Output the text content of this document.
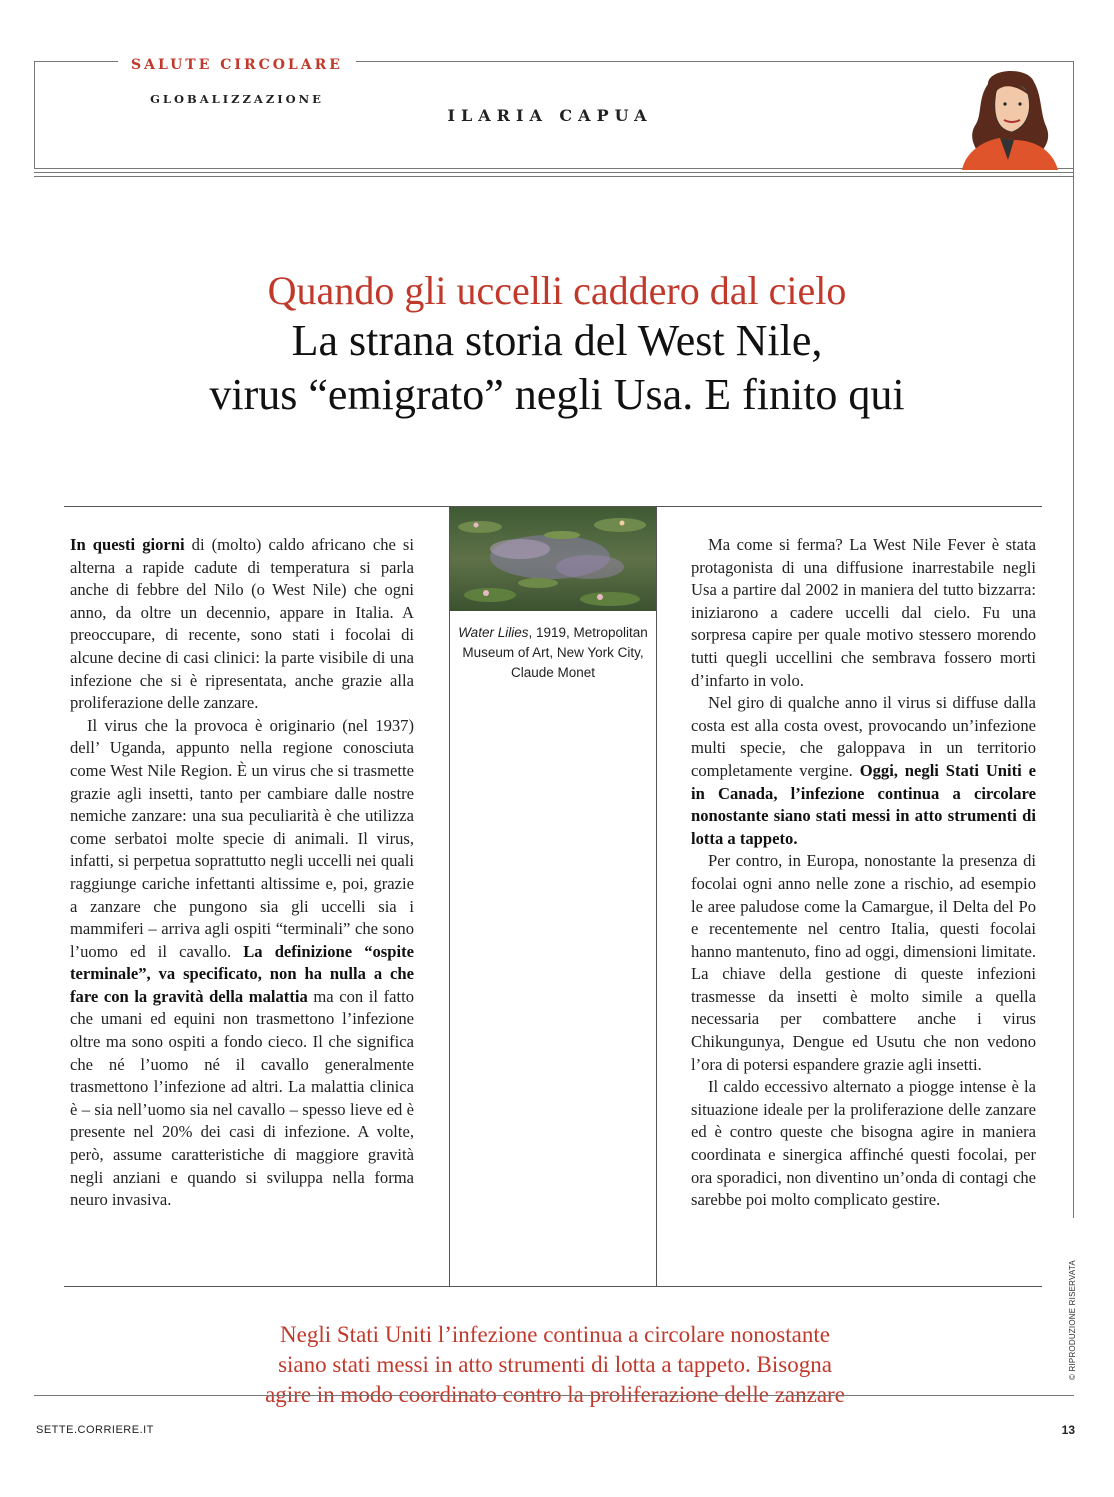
SALUTE CIRCOLARE
GLOBALIZZAZIONE
ILARIA CAPUA
Quando gli uccelli caddero dal cielo
La strana storia del West Nile,
virus “emigrato” negli Usa. E finito qui

In questi giorni di (molto) caldo africano che si alterna a rapide cadute di temperatura si parla anche di febbre del Nilo (o West Nile) che ogni anno, da oltre un decennio, appare in Italia. A preoccupare, di recente, sono stati i focolai di alcune decine di casi clinici: la parte visibile di una infezione che si è ripresentata, anche grazie alla proliferazione delle zanzare.

Il virus che la provoca è originario (nel 1937) dell’ Uganda, appunto nella regione conosciuta come West Nile Region. È un virus che si trasmette grazie agli insetti, tanto per cambiare dalle nostre nemiche zanzare: una sua peculiarità è che utilizza come serbatoi molte specie di animali. Il virus, infatti, si perpetua soprattutto negli uccelli nei quali raggiunge cariche infettanti altissime e, poi, grazie a zanzare che pungono sia gli uccelli sia i mammiferi – arriva agli ospiti “terminali” che sono l’uomo ed il cavallo. La definizione “ospite terminale”, va specificato, non ha nulla a che fare con la gravità della malattia ma con il fatto che umani ed equini non trasmettono l’infezione oltre ma sono ospiti a fondo cieco. Il che significa che né l’uomo né il cavallo generalmente trasmettono l’infezione ad altri. La malattia clinica è – sia nell’uomo sia nel cavallo – spesso lieve ed è presente nel 20% dei casi di infezione. A volte, però, assume caratteristiche di maggiore gravità negli anziani e quando si sviluppa nella forma neuro invasiva.

Water Lilies, 1919, Metropolitan Museum of Art, New York City, Claude Monet

Ma come si ferma? La West Nile Fever è stata protagonista di una diffusione inarrestabile negli Usa a partire dal 2002 in maniera del tutto bizzarra: iniziarono a cadere uccelli dal cielo. Fu una sorpresa capire per quale motivo stessero morendo tutti quegli uccellini che sembrava fossero morti d’infarto in volo.

Nel giro di qualche anno il virus si diffuse dalla costa est alla costa ovest, provocando un’infezione multi specie, che galoppava in un territorio completamente vergine. Oggi, negli Stati Uniti e in Canada, l’infezione continua a circolare nonostante siano stati messi in atto strumenti di lotta a tappeto.

Per contro, in Europa, nonostante la presenza di focolai ogni anno nelle zone a rischio, ad esempio le aree paludose come la Camargue, il Delta del Po e recentemente nel centro Italia, questi focolai hanno mantenuto, fino ad oggi, dimensioni limitate. La chiave della gestione di queste infezioni trasmesse da insetti è molto simile a quella necessaria per combattere anche i virus Chikungunya, Dengue ed Usutu che non vedono l’ora di potersi espandere grazie agli insetti.

Il caldo eccessivo alternato a piogge intense è la situazione ideale per la proliferazione delle zanzare ed è contro queste che bisogna agire in maniera coordinata e sinergica affinché questi focolai, per ora sporadici, non diventino un’onda di contagi che sarebbe poi molto complicato gestire.

Negli Stati Uniti l’infezione continua a circolare nonostante
siano stati messi in atto strumenti di lotta a tappeto. Bisogna
agire in modo coordinato contro la proliferazione delle zanzare
© RIPRODUZIONE RISERVATA
SETTE.CORRIERE.IT	13
